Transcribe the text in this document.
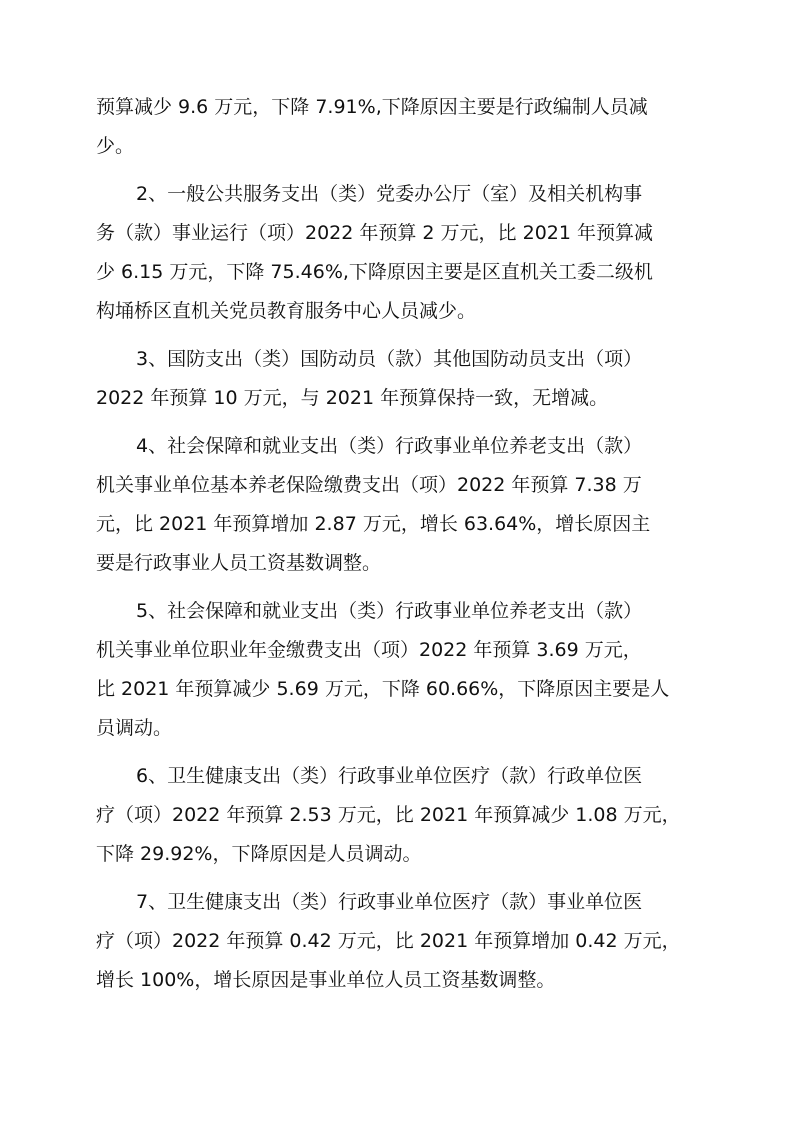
预算减少 9.6 万元，下降 7.91%,下降原因主要是行政编制人员减
少。
2、一般公共服务支出（类）党委办公厅（室）及相关机构事
务（款）事业运行（项）2022 年预算 2 万元，比 2021 年预算减
少 6.15 万元，下降 75.46%,下降原因主要是区直机关工委二级机
构埇桥区直机关党员教育服务中心人员减少。
3、国防支出（类）国防动员（款）其他国防动员支出（项）
2022 年预算 10 万元，与 2021 年预算保持一致，无增减。
4、社会保障和就业支出（类）行政事业单位养老支出（款）
机关事业单位基本养老保险缴费支出（项）2022 年预算 7.38 万
元，比 2021 年预算增加 2.87 万元，增长 63.64%，增长原因主
要是行政事业人员工资基数调整。
5、社会保障和就业支出（类）行政事业单位养老支出（款）
机关事业单位职业年金缴费支出（项）2022 年预算 3.69 万元，
比 2021 年预算减少 5.69 万元，下降 60.66%，下降原因主要是人
员调动。
6、卫生健康支出（类）行政事业单位医疗（款）行政单位医
疗（项）2022 年预算 2.53 万元，比 2021 年预算减少 1.08 万元，
下降 29.92%，下降原因是人员调动。
7、卫生健康支出（类）行政事业单位医疗（款）事业单位医
疗（项）2022 年预算 0.42 万元，比 2021 年预算增加 0.42 万元，
增长 100%，增长原因是事业单位人员工资基数调整。
